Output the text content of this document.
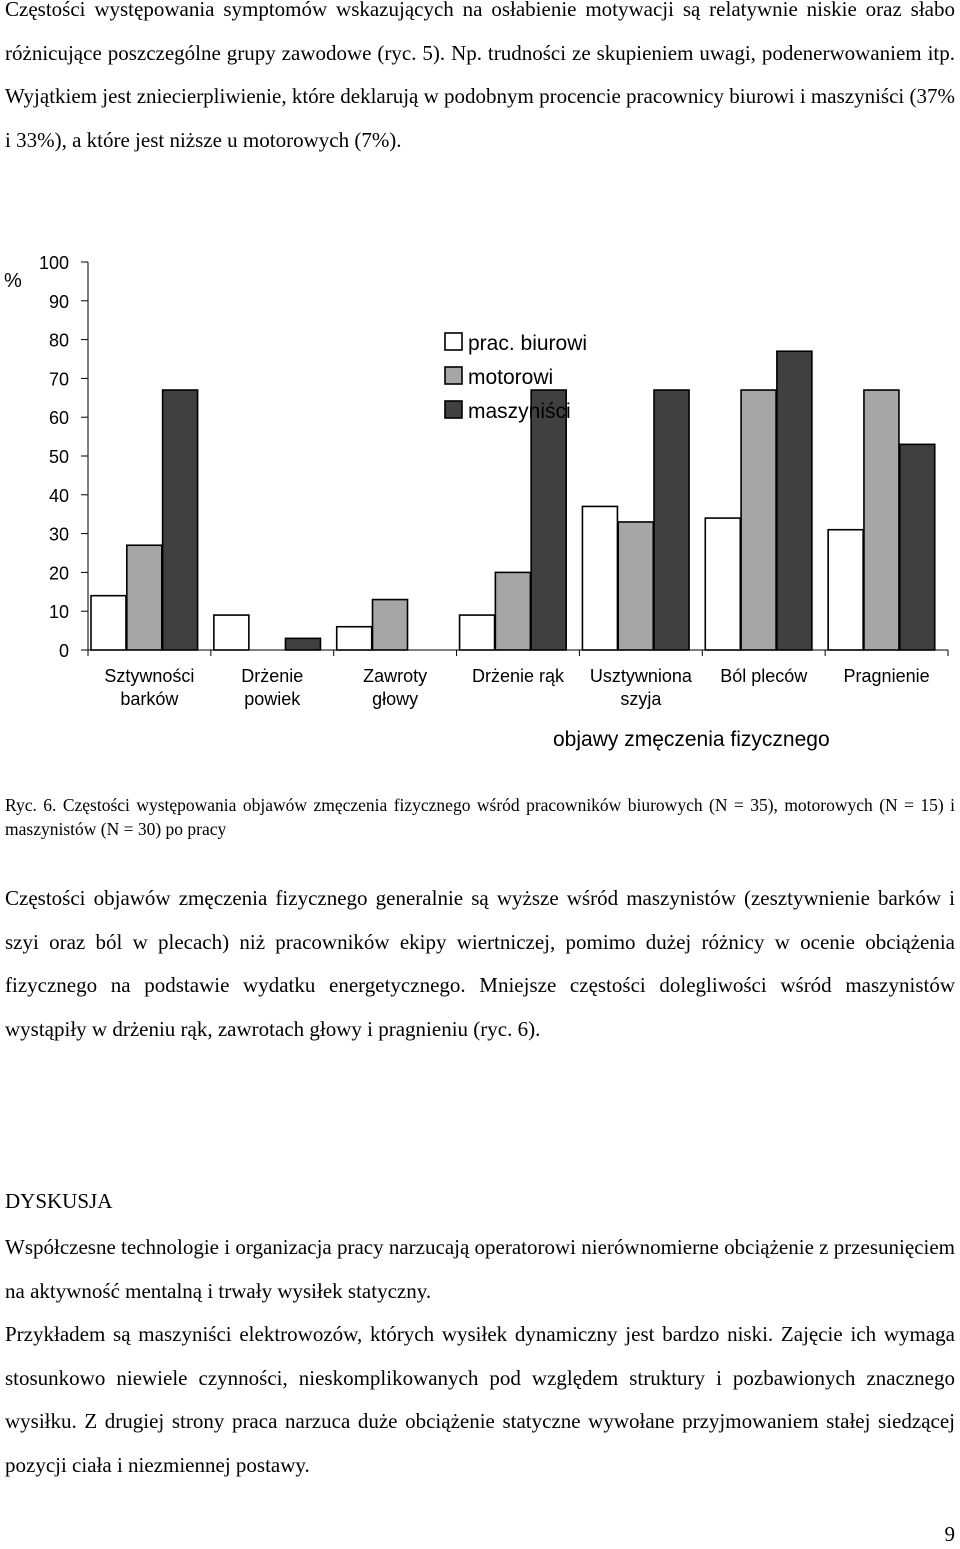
Częstości występowania symptomów wskazujących na osłabienie motywacji są relatywnie niskie oraz słabo różnicujące poszczególne grupy zawodowe (ryc. 5). Np. trudności ze skupieniem uwagi, podenerwowaniem itp. Wyjątkiem jest zniecierpliwienie, które deklarują w podobnym procencie pracownicy biurowi i maszyniści (37% i 33%), a które jest niższe u motorowych (7%).
%
100
90
80
70
60
50
40
30
20
10
0
Sztywności
barków
Drżenie
powiek
Zawroty
głowy
Drżenie rąk Usztywniona
szyja
Ból pleców Pragnienie
prac. biurowi
motorowi
maszyniści
objawy zmęczenia fizycznego
Ryc. 6. Częstości występowania objawów zmęczenia fizycznego wśród pracowników biurowych (N = 35), motorowych (N = 15) i maszynistów (N = 30) po pracy
Częstości objawów zmęczenia fizycznego generalnie są wyższe wśród maszynistów (zesztywnienie barków i szyi oraz ból w plecach) niż pracowników ekipy wiertniczej, pomimo dużej różnicy w ocenie obciążenia fizycznego na podstawie wydatku energetycznego. Mniejsze częstości dolegliwości wśród maszynistów wystąpiły w drżeniu rąk, zawrotach głowy i pragnieniu (ryc. 6).
DYSKUSJA
Współczesne technologie i organizacja pracy narzucają operatorowi nierównomierne obciążenie z przesunięciem na aktywność mentalną i trwały wysiłek statyczny.
Przykładem są maszyniści elektrowozów, których wysiłek dynamiczny jest bardzo niski. Zajęcie ich wymaga stosunkowo niewiele czynności, nieskomplikowanych pod względem struktury i pozbawionych znacznego wysiłku. Z drugiej strony praca narzuca duże obciążenie statyczne wywołane przyjmowaniem stałej siedzącej pozycji ciała i niezmiennej postawy.
9
